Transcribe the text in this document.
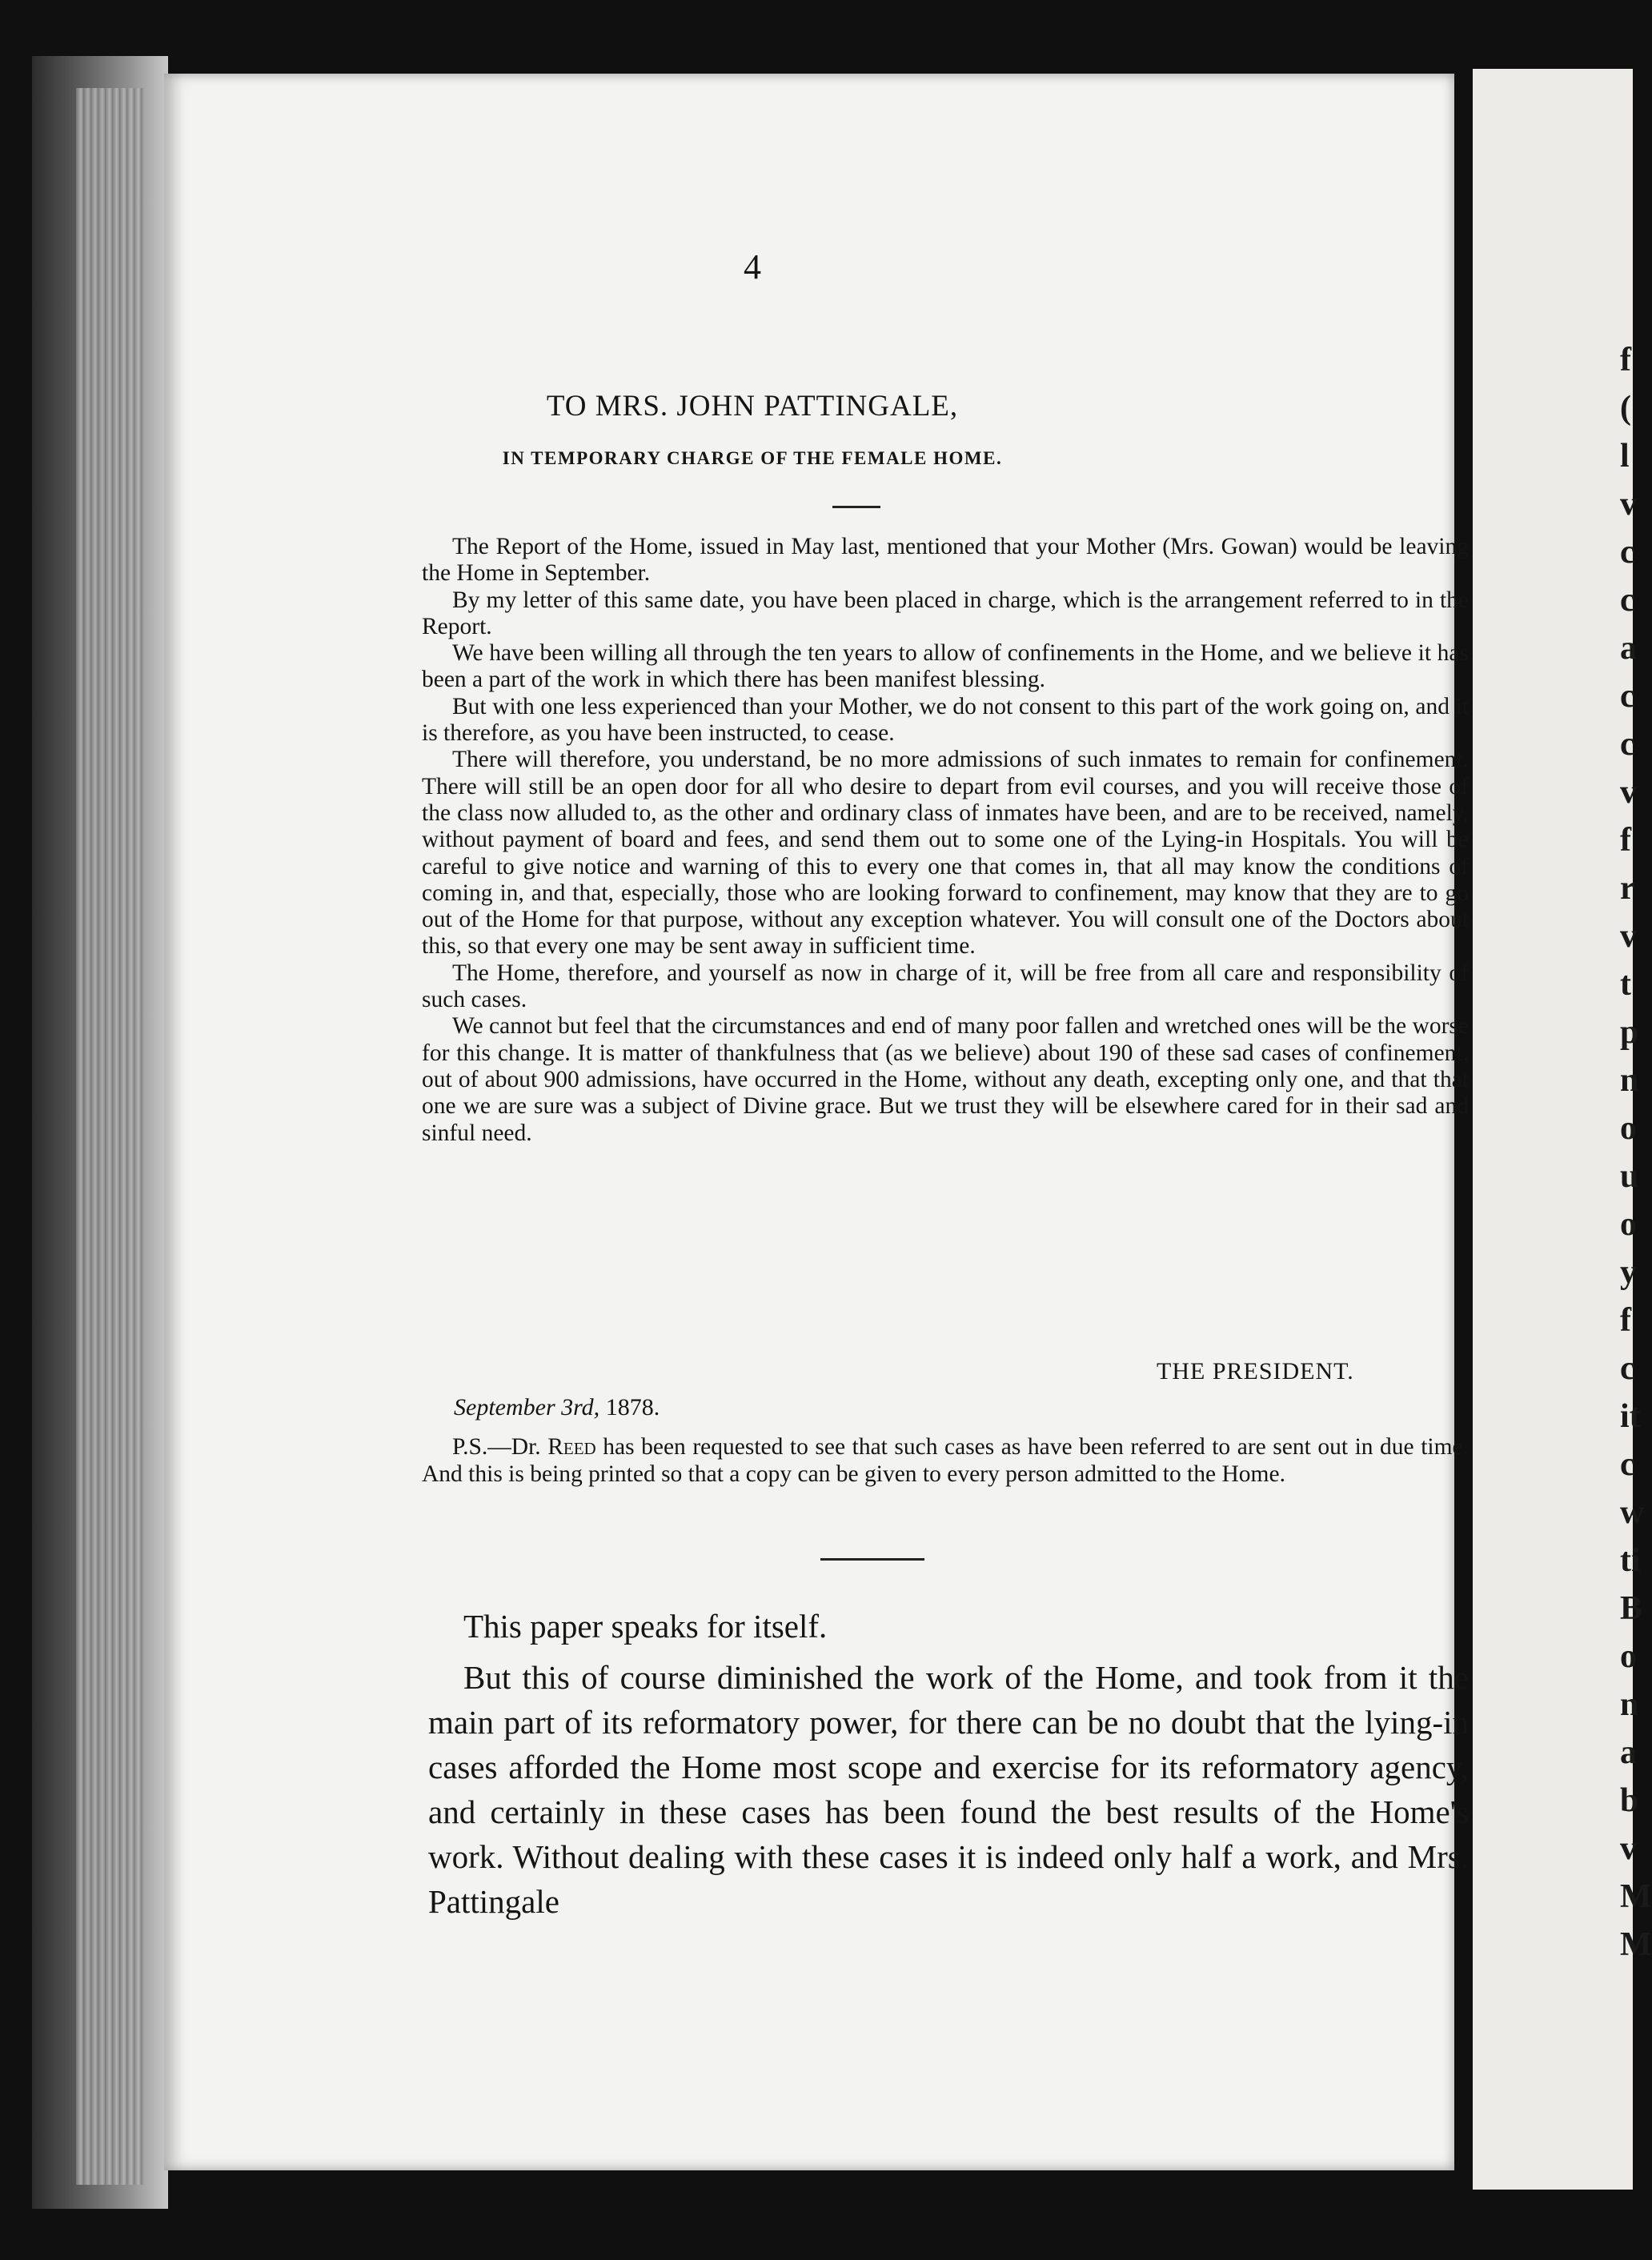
f
(
l
v
c
c
a
c
c
v
f
r
v
t
p
n
o
u
o
y
f
c
it
c
w
ti
B
o
n
a
b
v
M
M
4
TO MRS. JOHN PATTINGALE,
IN TEMPORARY CHARGE OF THE FEMALE HOME.

The Report of the Home, issued in May last, mentioned that your Mother (Mrs. Gowan) would be leaving the Home in September.

By my letter of this same date, you have been placed in charge, which is the arrangement referred to in the Report.

We have been willing all through the ten years to allow of confinements in the Home, and we believe it has been a part of the work in which there has been manifest blessing.

But with one less experienced than your Mother, we do not consent to this part of the work going on, and it is therefore, as you have been instructed, to cease.

There will therefore, you understand, be no more admissions of such inmates to remain for confinement. There will still be an open door for all who desire to depart from evil courses, and you will receive those of the class now alluded to, as the other and ordinary class of inmates have been, and are to be received, namely, without payment of board and fees, and send them out to some one of the Lying-in Hospitals. You will be careful to give notice and warning of this to every one that comes in, that all may know the conditions of coming in, and that, especially, those who are looking forward to confinement, may know that they are to go out of the Home for that purpose, without any exception whatever. You will consult one of the Doctors about this, so that every one may be sent away in sufficient time.

The Home, therefore, and yourself as now in charge of it, will be free from all care and responsibility of such cases.

We cannot but feel that the circumstances and end of many poor fallen and wretched ones will be the worse for this change. It is matter of thankfulness that (as we believe) about 190 of these sad cases of confinement, out of about 900 admissions, have occurred in the Home, without any death, excepting only one, and that that one we are sure was a subject of Divine grace. But we trust they will be elsewhere cared for in their sad and sinful need.

THE PRESIDENT.
September 3rd, 1878.

P.S.—Dr. Reed has been requested to see that such cases as have been referred to are sent out in due time. And this is being printed so that a copy can be given to every person admitted to the Home.

This paper speaks for itself.

But this of course diminished the work of the Home, and took from it the main part of its reformatory power, for there can be no doubt that the lying-in cases afforded the Home most scope and exercise for its reformatory agency, and certainly in these cases has been found the best results of the Home's work. Without dealing with these cases it is indeed only half a work, and Mrs. Pattingale
